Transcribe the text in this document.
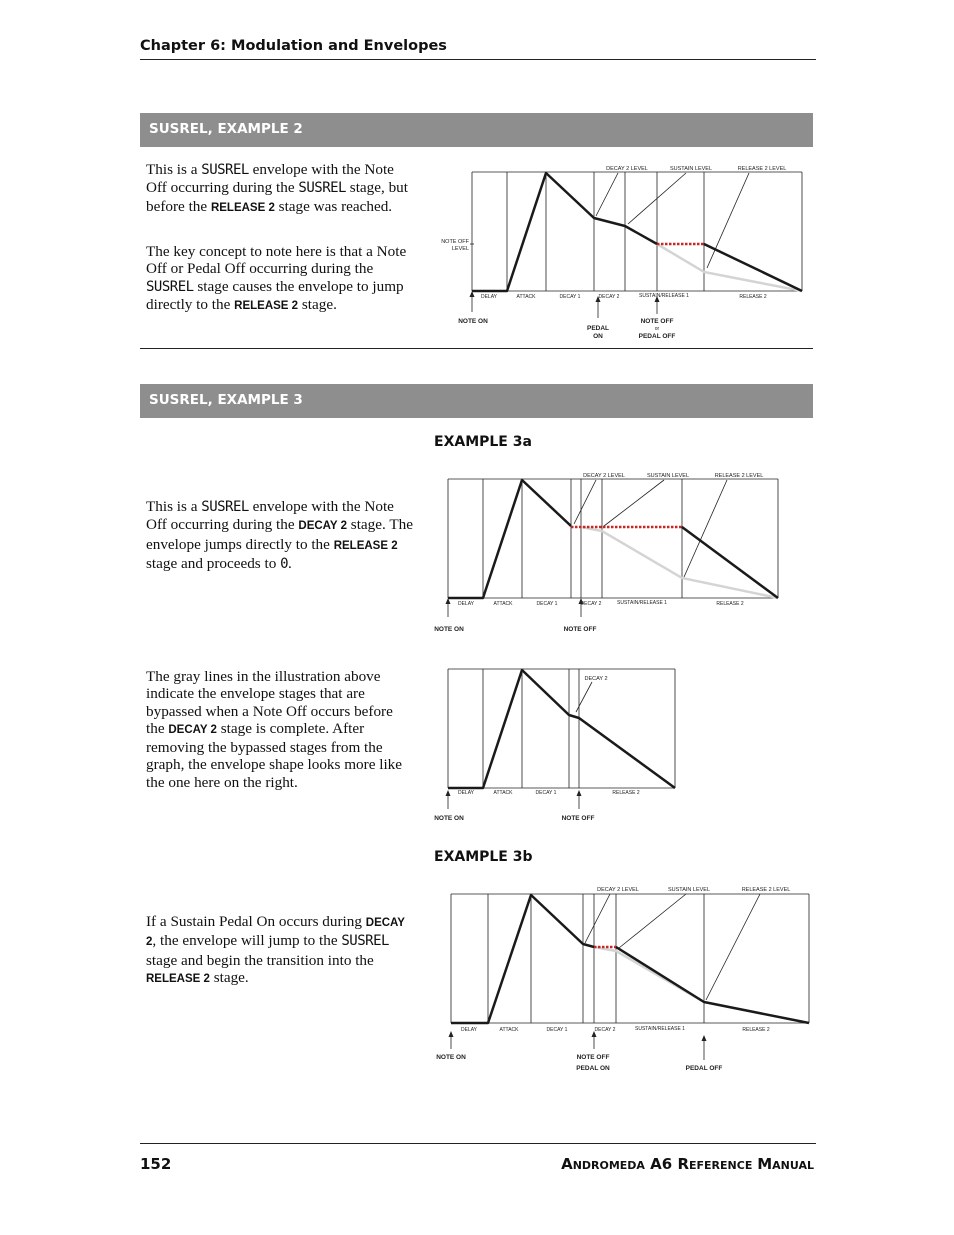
Chapter 6: Modulation and Envelopes
SUSREL, EXAMPLE 2
This is a SUSREL envelope with the Note Off occurring during the SUSREL stage, but before the RELEASE 2 stage was reached.
The key concept to note here is that a Note Off or Pedal Off occurring during the SUSREL stage causes the envelope to jump directly to the RELEASE 2 stage.
DECAY 2 LEVEL	SUSTAIN LEVEL	RELEASE 2 LEVEL
NOTE OFF
LEVEL
DELAY	ATTACK	DECAY 1	DECAY 2	SUSTAIN/RELEASE 1	RELEASE 2
NOTE ON
PEDAL
ON
NOTE OFF
or
PEDAL OFF
SUSREL, EXAMPLE 3
EXAMPLE 3a
This is a SUSREL envelope with the Note Off occurring during the DECAY 2 stage. The envelope jumps directly to the RELEASE 2 stage and proceeds to 0.
DECAY 2 LEVEL	SUSTAIN LEVEL	RELEASE 2 LEVEL
DELAY	ATTACK	DECAY 1	DECAY 2	SUSTAIN/RELEASE 1	RELEASE 2
NOTE ON	NOTE OFF
The gray lines in the illustration above indicate the envelope stages that are bypassed when a Note Off occurs before the DECAY 2 stage is complete. After removing the bypassed stages from the graph, the envelope shape looks more like the one here on the right.
DECAY 2
DELAY	ATTACK	DECAY 1	RELEASE 2
NOTE ON	NOTE OFF
EXAMPLE 3b
If a Sustain Pedal On occurs during DECAY 2, the envelope will jump to the SUSREL stage and begin the transition into the RELEASE 2 stage.
DECAY 2 LEVEL	SUSTAIN LEVEL	RELEASE 2 LEVEL
DELAY	ATTACK	DECAY 1	DECAY 2	SUSTAIN/RELEASE 1	RELEASE 2
NOTE ON	NOTE OFF
PEDAL ON	PEDAL OFF
152	ANDROMEDA A6 REFERENCE MANUAL
